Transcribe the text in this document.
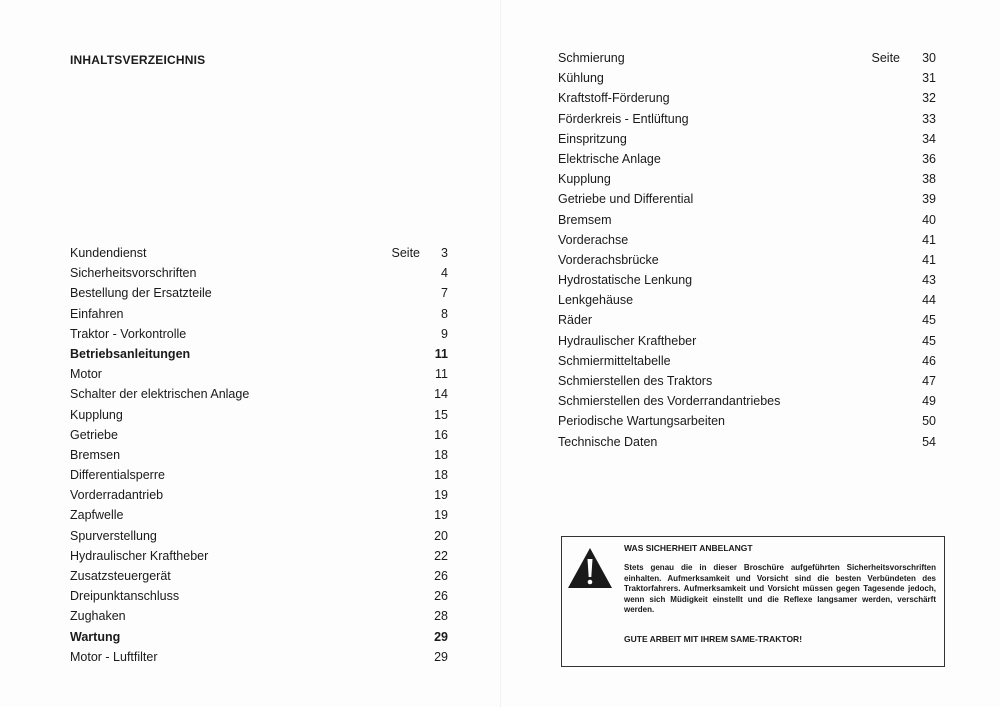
INHALTSVERZEICHNIS
Kundendienst	Seite 3
Sicherheitsvorschriften	4
Bestellung der Ersatzteile	7
Einfahren	8
Traktor - Vorkontrolle	9
Betriebsanleitungen	11
Motor	11
Schalter der elektrischen Anlage	14
Kupplung	15
Getriebe	16
Bremsen	18
Differentialsperre	18
Vorderradantrieb	19
Zapfwelle	19
Spurverstellung	20
Hydraulischer Kraftheber	22
Zusatzsteuergerät	26
Dreipunktanschluss	26
Zughaken	28
Wartung	29
Motor - Luftfilter	29
Schmierung	Seite 30
Kühlung	31
Kraftstoff-Förderung	32
Förderkreis - Entlüftung	33
Einspritzung	34
Elektrische Anlage	36
Kupplung	38
Getriebe und Differential	39
Bremsem	40
Vorderachse	41
Vorderachsbrücke	41
Hydrostatische Lenkung	43
Lenkgehäuse	44
Räder	45
Hydraulischer Kraftheber	45
Schmiermitteltabelle	46
Schmierstellen des Traktors	47
Schmierstellen des Vorderrandantriebes	49
Periodische Wartungsarbeiten	50
Technische Daten	54
WAS SICHERHEIT ANBELANGT
Stets genau die in dieser Broschüre aufgeführten Sicherheitsvorschriften einhalten. Aufmerksamkeit und Vorsicht sind die besten Verbündeten des Traktorfahrers. Aufmerksamkeit und Vorsicht müssen gegen Tagesende jedoch, wenn sich Müdigkeit einstellt und die Reflexe langsamer werden, verschärft werden.
GUTE ARBEIT MIT IHREM SAME-TRAKTOR!
